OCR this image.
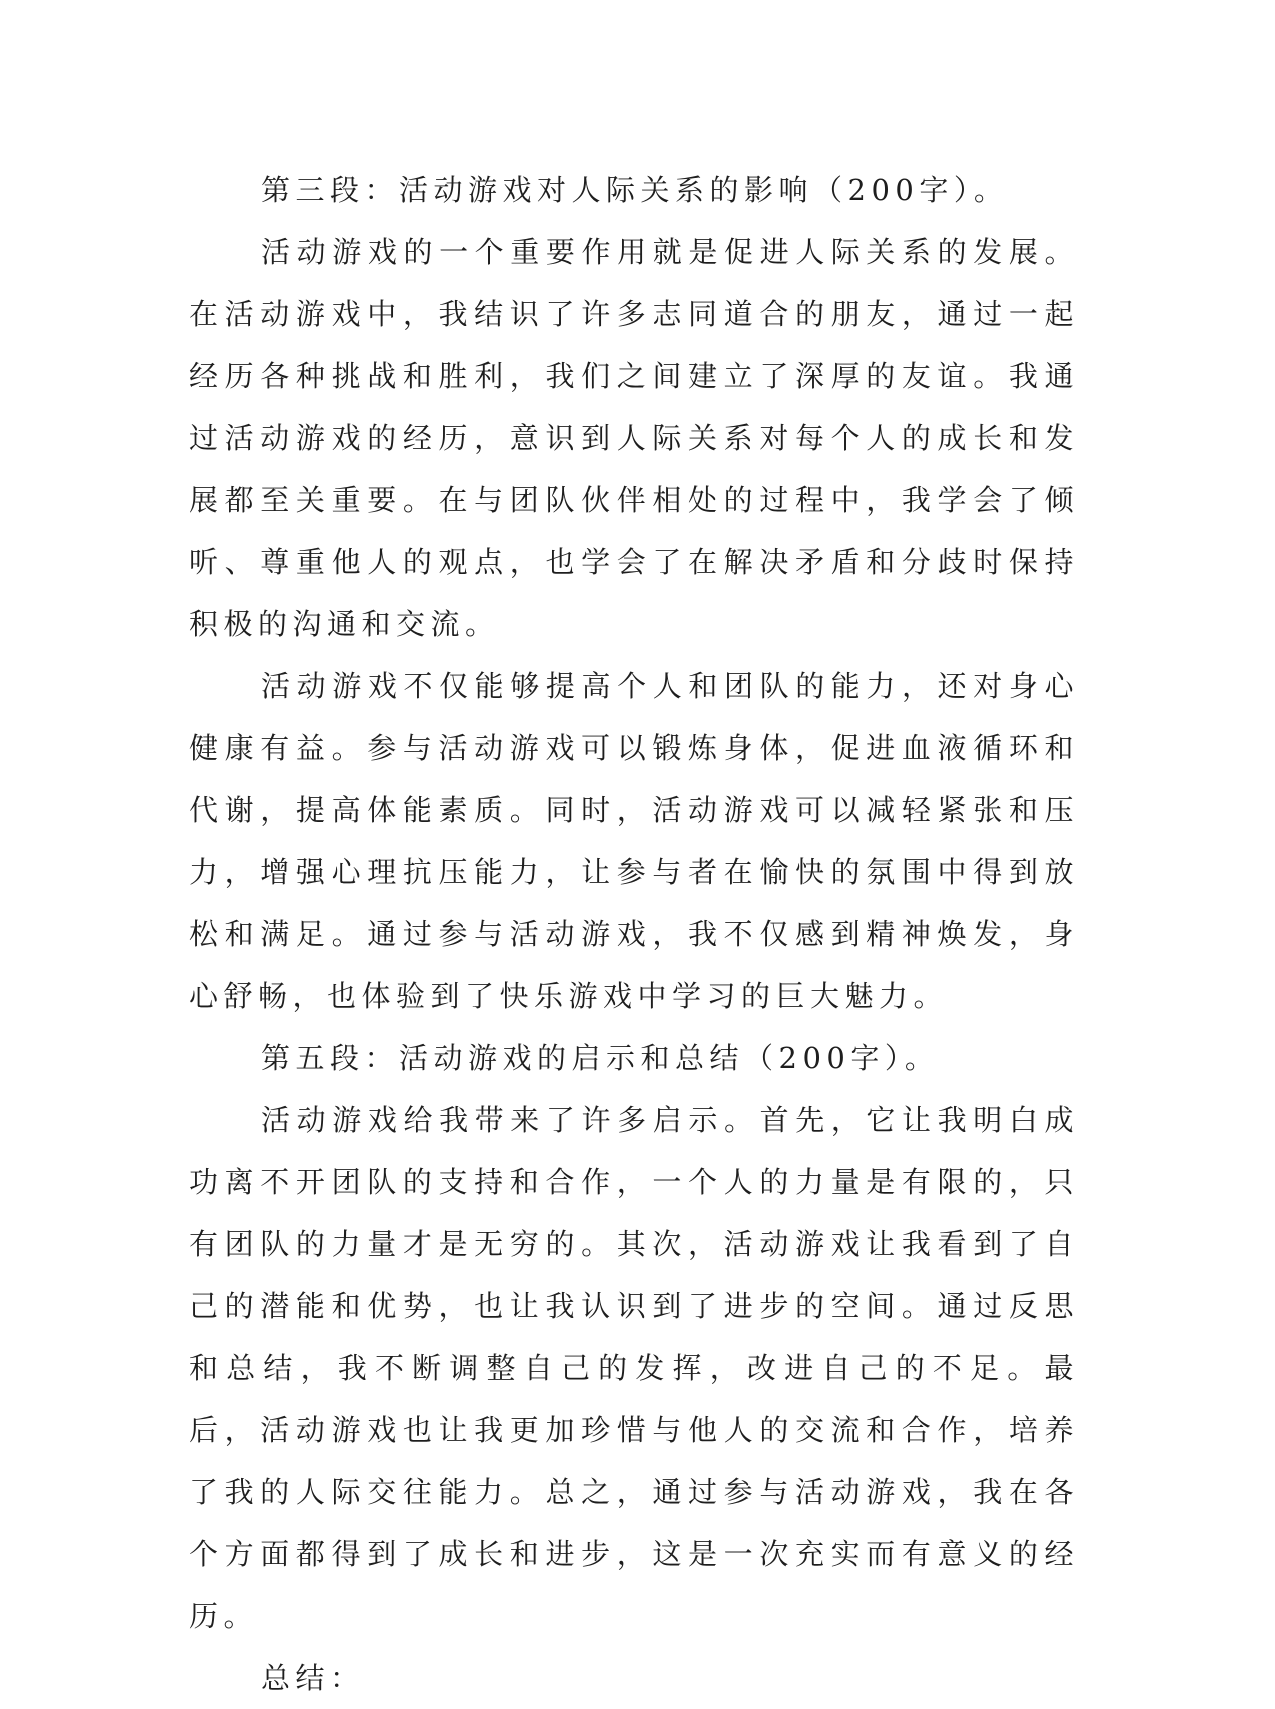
第三段：活动游戏对人际关系的影响（200字）。

活动游戏的一个重要作用就是促进人际关系的发展。在活动游戏中，我结识了许多志同道合的朋友，通过一起经历各种挑战和胜利，我们之间建立了深厚的友谊。我通过活动游戏的经历，意识到人际关系对每个人的成长和发展都至关重要。在与团队伙伴相处的过程中，我学会了倾听、尊重他人的观点，也学会了在解决矛盾和分歧时保持积极的沟通和交流。

活动游戏不仅能够提高个人和团队的能力，还对身心健康有益。参与活动游戏可以锻炼身体，促进血液循环和代谢，提高体能素质。同时，活动游戏可以减轻紧张和压力，增强心理抗压能力，让参与者在愉快的氛围中得到放松和满足。通过参与活动游戏，我不仅感到精神焕发，身心舒畅，也体验到了快乐游戏中学习的巨大魅力。

第五段：活动游戏的启示和总结（200字）。

活动游戏给我带来了许多启示。首先，它让我明白成功离不开团队的支持和合作，一个人的力量是有限的，只有团队的力量才是无穷的。其次，活动游戏让我看到了自己的潜能和优势，也让我认识到了进步的空间。通过反思和总结，我不断调整自己的发挥，改进自己的不足。最后，活动游戏也让我更加珍惜与他人的交流和合作，培养了我的人际交往能力。总之，通过参与活动游戏，我在各个方面都得到了成长和进步，这是一次充实而有意义的经历。

总结：
